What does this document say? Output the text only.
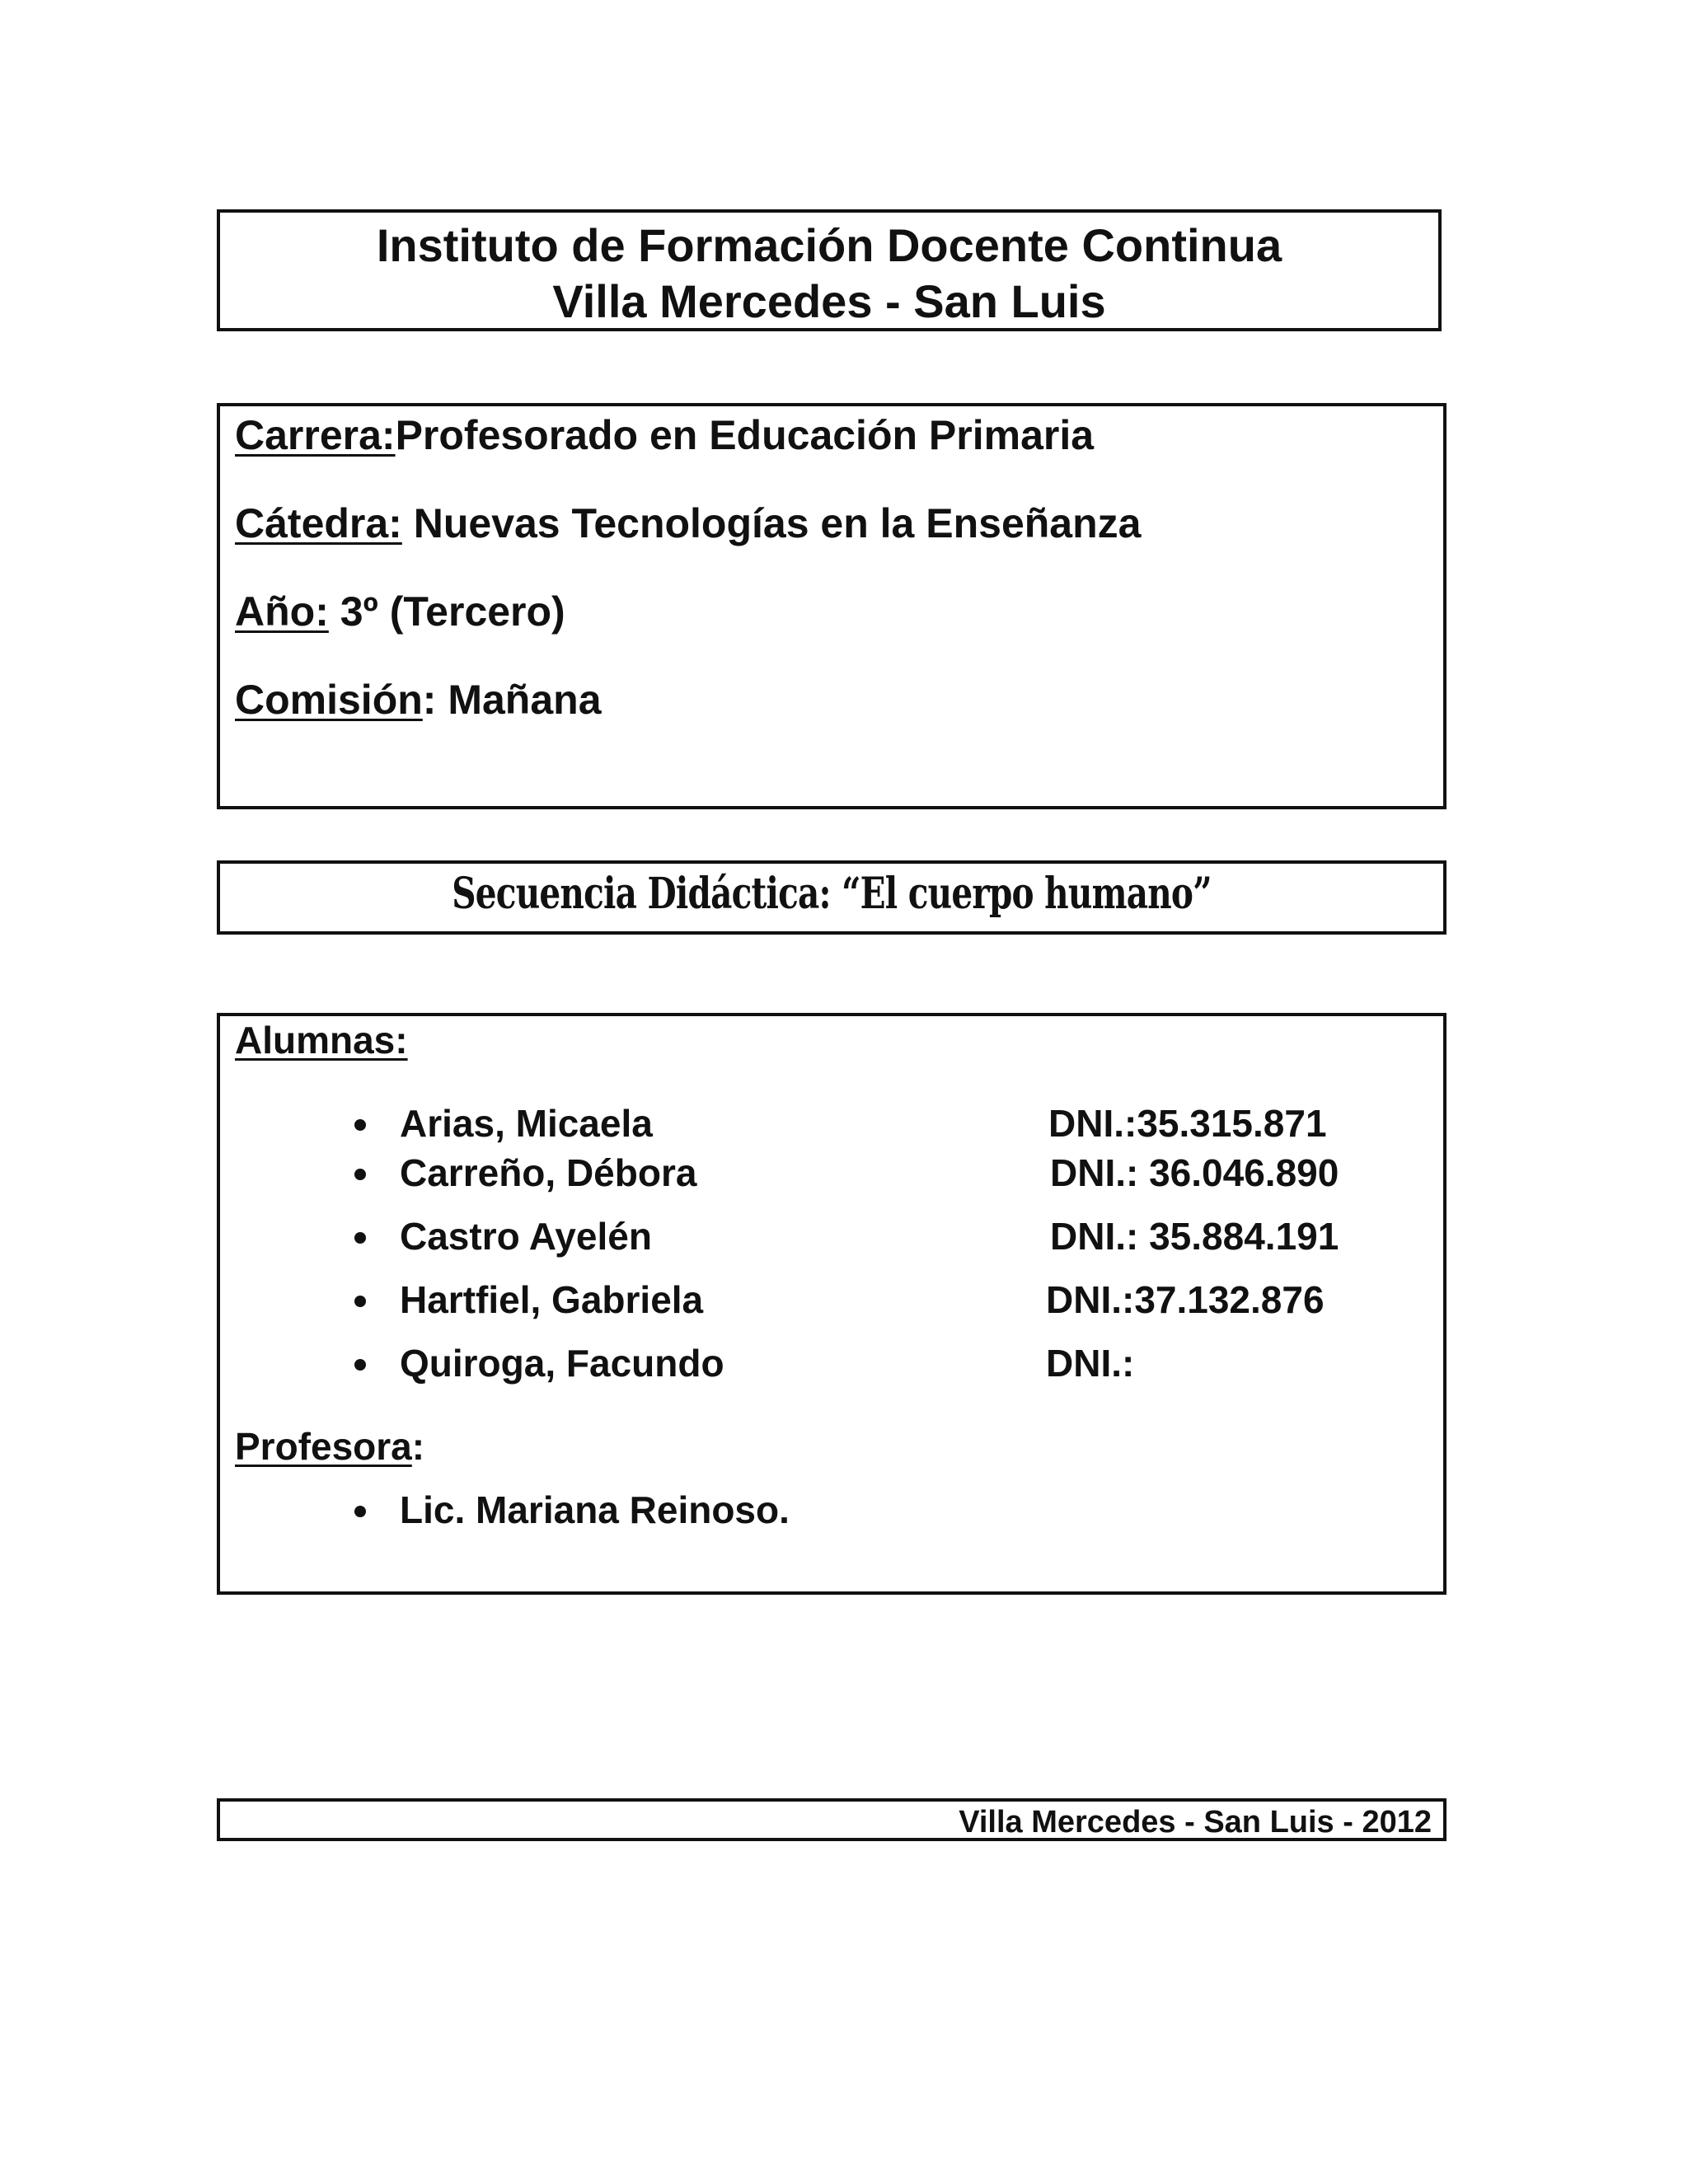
Instituto de Formación Docente Continua
Villa Mercedes - San Luis
Carrera:Profesorado en Educación Primaria
Cátedra: Nuevas Tecnologías en la Enseñanza
Año: 3º (Tercero)
Comisión: Mañana
Secuencia Didáctica: “El cuerpo humano”
Alumnas:
Arias, Micaela	DNI.:35.315.871
Carreño, Débora	DNI.: 36.046.890
Castro Ayelén	DNI.: 35.884.191
Hartfiel, Gabriela	DNI.:37.132.876
Quiroga, Facundo	DNI.:
Profesora:
Lic. Mariana Reinoso.
Villa Mercedes - San Luis - 2012
